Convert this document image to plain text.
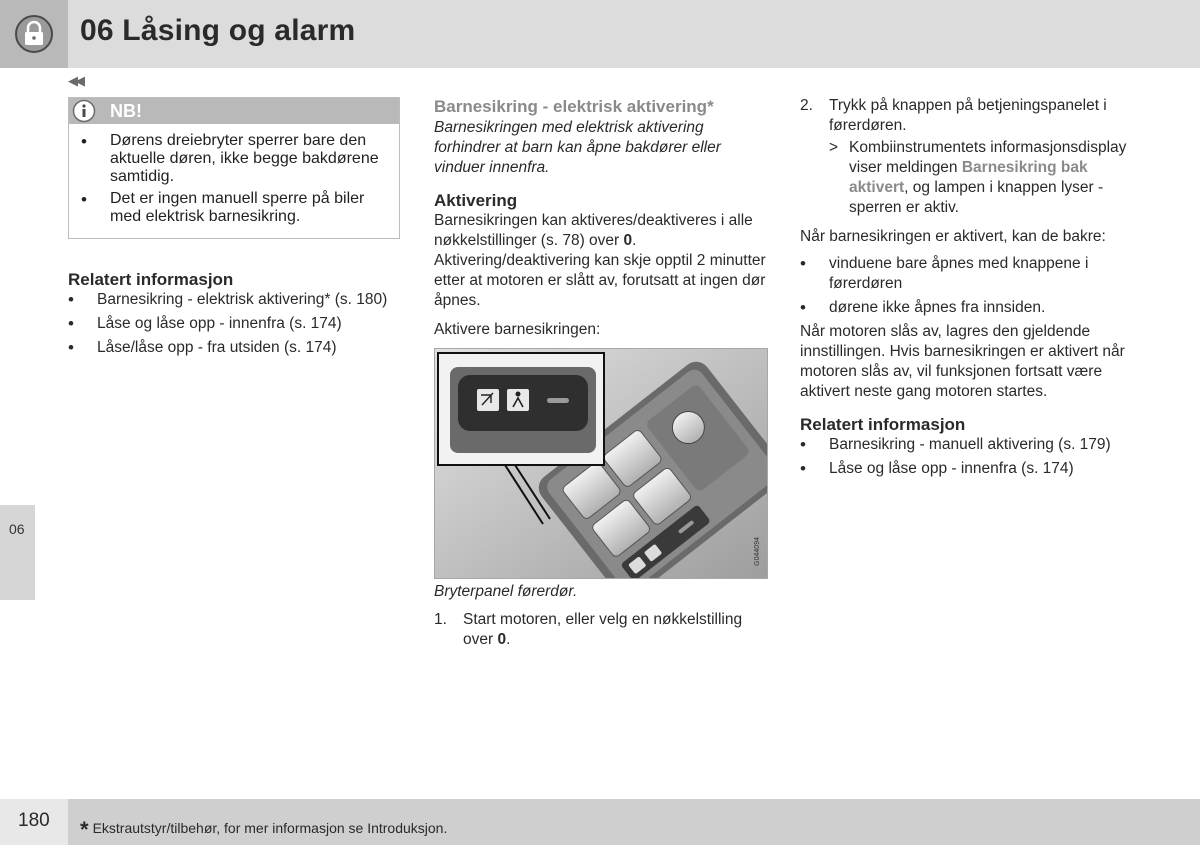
06 Låsing og alarm
◀◀
06
NB!
• Dørens dreiebryter sperrer bare den aktuelle døren, ikke begge bakdørene samtidig.
• Det er ingen manuell sperre på biler med elektrisk barnesikring.
Relatert informasjon
• Barnesikring - elektrisk aktivering* (s. 180)
• Låse og låse opp - innenfra (s. 174)
• Låse/låse opp - fra utsiden (s. 174)
Barnesikring - elektrisk aktivering*

Barnesikringen med elektrisk aktivering forhindrer at barn kan åpne bakdører eller vinduer innenfra.

Aktivering

Barnesikringen kan aktiveres/deaktiveres i alle nøkkelstillinger (s. 78) over 0. Aktivering/deaktivering kan skje opptil 2 minutter etter at motoren er slått av, forutsatt at ingen dør åpnes.

Aktivere barnesikringen:

G044094

Bryterpanel førerdør.

1. Start motoren, eller velg en nøkkelstilling over 0.
2. Trykk på knappen på betjeningspanelet i førerdøren.
> Kombiinstrumentets informasjonsdisplay viser meldingen Barnesikring bak aktivert, og lampen i knappen lyser - sperren er aktiv.

Når barnesikringen er aktivert, kan de bakre:

• vinduene bare åpnes med knappene i førerdøren
• dørene ikke åpnes fra innsiden.

Når motoren slås av, lagres den gjeldende innstillingen. Hvis barnesikringen er aktivert når motoren slås av, vil funksjonen fortsatt være aktivert neste gang motoren startes.

Relatert informasjon
• Barnesikring - manuell aktivering (s. 179)
• Låse og låse opp - innenfra (s. 174)
180 * Ekstrautstyr/tilbehør, for mer informasjon se Introduksjon.
